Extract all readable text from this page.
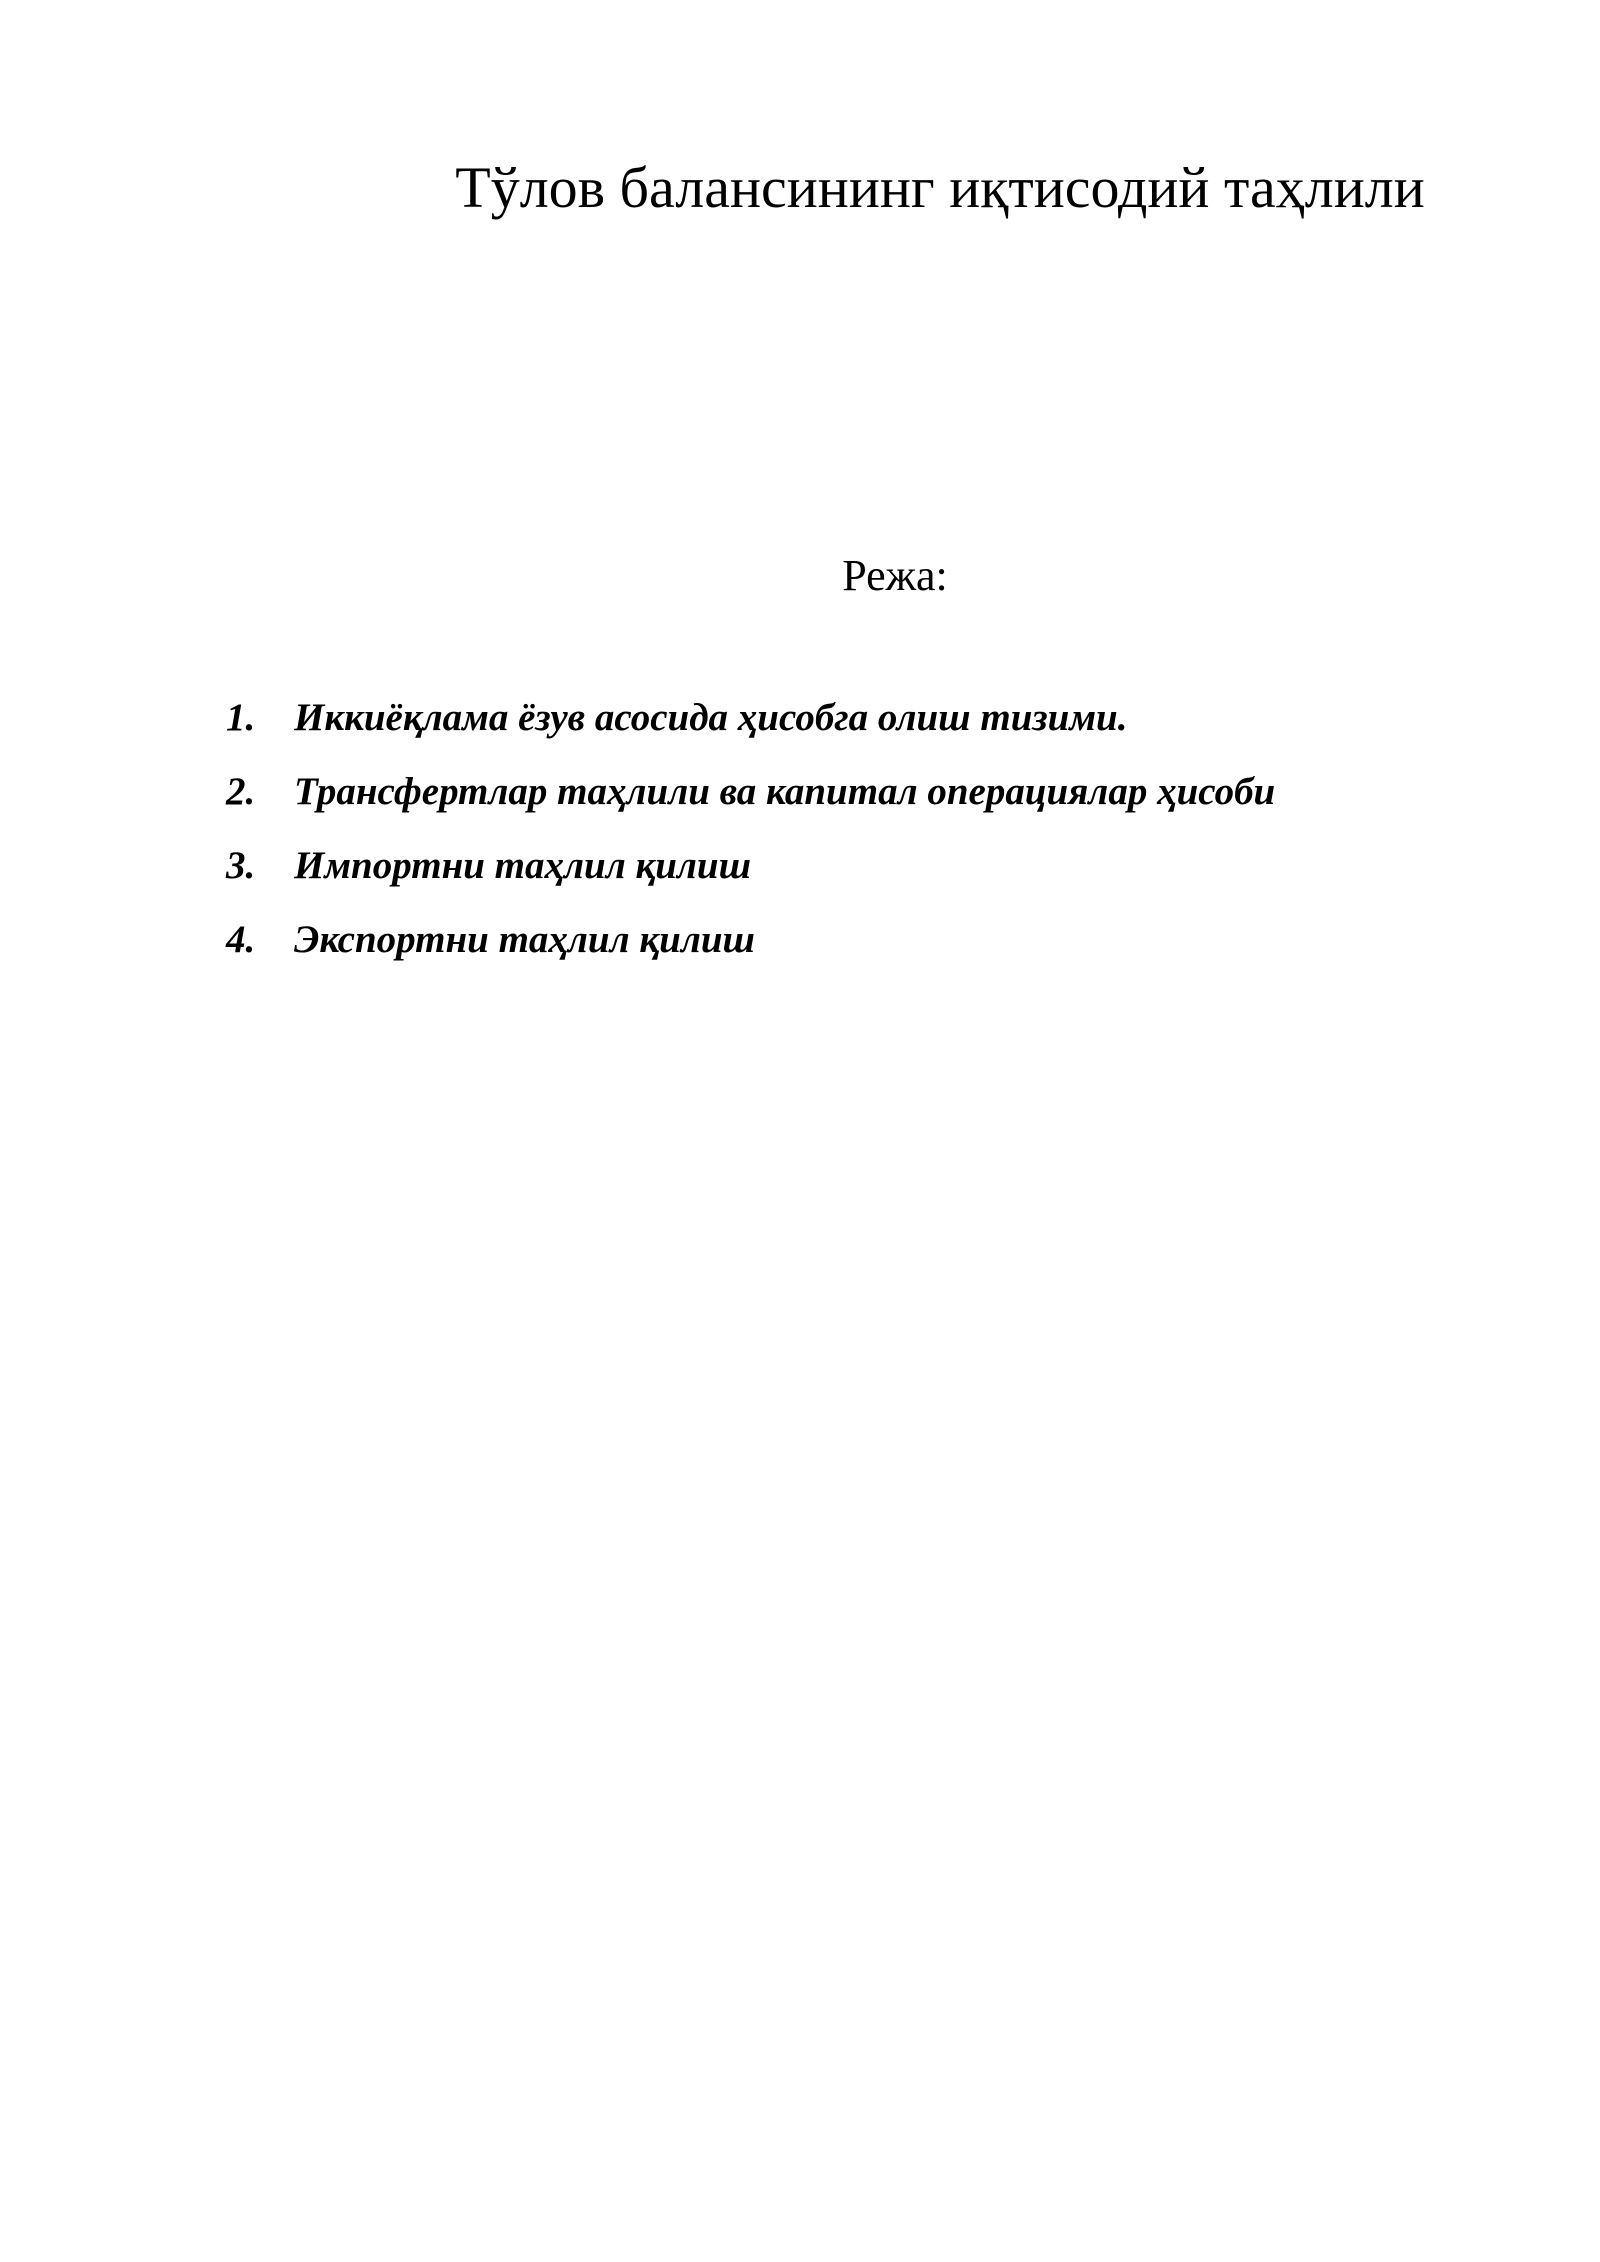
Тўлов балансининг иқтисодий таҳлили
Режа:
1. Иккиёқлама ёзув асосида ҳисобга олиш тизими.
2. Трансфертлар таҳлили ва капитал операциялар ҳисоби
3. Импортни таҳлил қилиш
4. Экспортни таҳлил қилиш
